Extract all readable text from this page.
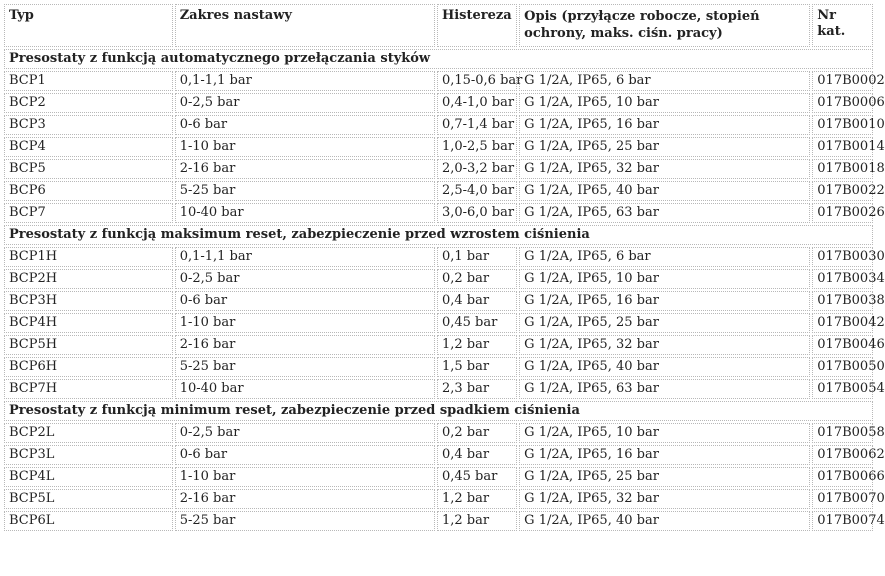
Typ	Zakres nastawy	Histereza	Opis (przyłącze robocze, stopień ochrony, maks. ciśn. pracy)	Nr kat.
Presostaty z funkcją automatycznego przełączania styków				
BCP1	0,1-1,1 bar	0,15-0,6 bar	G 1/2A, IP65, 6 bar	017B0002
BCP2	0-2,5 bar	0,4-1,0 bar	G 1/2A, IP65, 10 bar	017B0006
BCP3	0-6 bar	0,7-1,4 bar	G 1/2A, IP65, 16 bar	017B0010
BCP4	1-10 bar	1,0-2,5 bar	G 1/2A, IP65, 25 bar	017B0014
BCP5	2-16 bar	2,0-3,2 bar	G 1/2A, IP65, 32 bar	017B0018
BCP6	5-25 bar	2,5-4,0 bar	G 1/2A, IP65, 40 bar	017B0022
BCP7	10-40 bar	3,0-6,0 bar	G 1/2A, IP65, 63 bar	017B0026
Presostaty z funkcją maksimum reset, zabezpieczenie przed wzrostem ciśnienia				
BCP1H	0,1-1,1 bar	0,1 bar	G 1/2A, IP65, 6 bar	017B0030
BCP2H	0-2,5 bar	0,2 bar	G 1/2A, IP65, 10 bar	017B0034
BCP3H	0-6 bar	0,4 bar	G 1/2A, IP65, 16 bar	017B0038
BCP4H	1-10 bar	0,45 bar	G 1/2A, IP65, 25 bar	017B0042
BCP5H	2-16 bar	1,2 bar	G 1/2A, IP65, 32 bar	017B0046
BCP6H	5-25 bar	1,5 bar	G 1/2A, IP65, 40 bar	017B0050
BCP7H	10-40 bar	2,3 bar	G 1/2A, IP65, 63 bar	017B0054
Presostaty z funkcją minimum reset, zabezpieczenie przed spadkiem ciśnienia				
BCP2L	0-2,5 bar	0,2 bar	G 1/2A, IP65, 10 bar	017B0058
BCP3L	0-6 bar	0,4 bar	G 1/2A, IP65, 16 bar	017B0062
BCP4L	1-10 bar	0,45 bar	G 1/2A, IP65, 25 bar	017B0066
BCP5L	2-16 bar	1,2 bar	G 1/2A, IP65, 32 bar	017B0070
BCP6L	5-25 bar	1,2 bar	G 1/2A, IP65, 40 bar	017B0074
